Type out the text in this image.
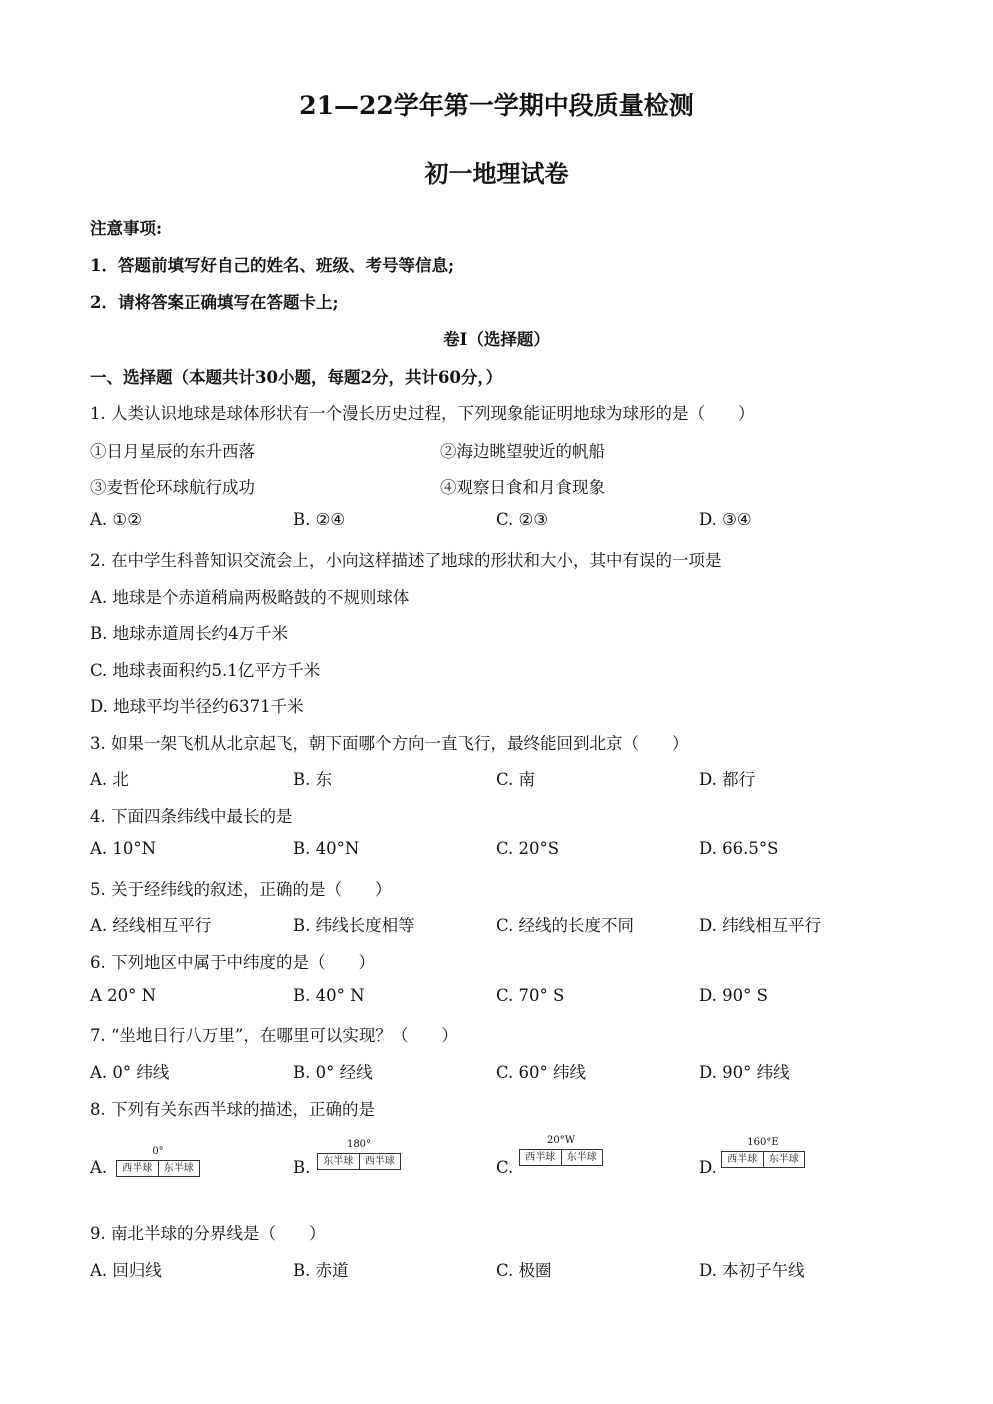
21—22学年第一学期中段质量检测
初一地理试卷
注意事项:
1．答题前填写好自己的姓名、班级、考号等信息;
2．请将答案正确填写在答题卡上;
卷I（选择题）
一、选择题（本题共计30小题，每题2分，共计60分，）
1. 人类认识地球是球体形状有一个漫长历史过程，下列现象能证明地球为球形的是（　　）
①日月星辰的东升西落	②海边眺望驶近的帆船
③麦哲伦环球航行成功	④观察日食和月食现象
A. ①②	B. ②④	C. ②③	D. ③④
2. 在中学生科普知识交流会上，小向这样描述了地球的形状和大小，其中有误的一项是
A. 地球是个赤道稍扁两极略鼓的不规则球体
B. 地球赤道周长约4万千米
C. 地球表面积约5.1亿平方千米
D. 地球平均半径约6371千米
3. 如果一架飞机从北京起飞，朝下面哪个方向一直飞行，最终能回到北京（　　）
A. 北	B. 东	C. 南	D. 都行
4. 下面四条纬线中最长的是
A. 10°N	B. 40°N	C. 20°S	D. 66.5°S
5. 关于经纬线的叙述，正确的是（　　）
A. 经线相互平行	B. 纬线长度相等	C. 经线的长度不同	D. 纬线相互平行
6. 下列地区中属于中纬度的是（　　）
A 20° N	B. 40° N	C. 70° S	D. 90° S
7. “坐地日行八万里”，在哪里可以实现？（　　）
A. 0° 纬线	B. 0° 经线	C. 60° 纬线	D. 90° 纬线
8. 下列有关东西半球的描述，正确的是
A.
0°
西半球	东半球	B.
180°
东半球	西半球	C.
20°W
西半球	东半球
D.
160°E
西半球	东半球
9. 南北半球的分界线是（　　）
A. 回归线	B. 赤道	C. 极圈	D. 本初子午线
